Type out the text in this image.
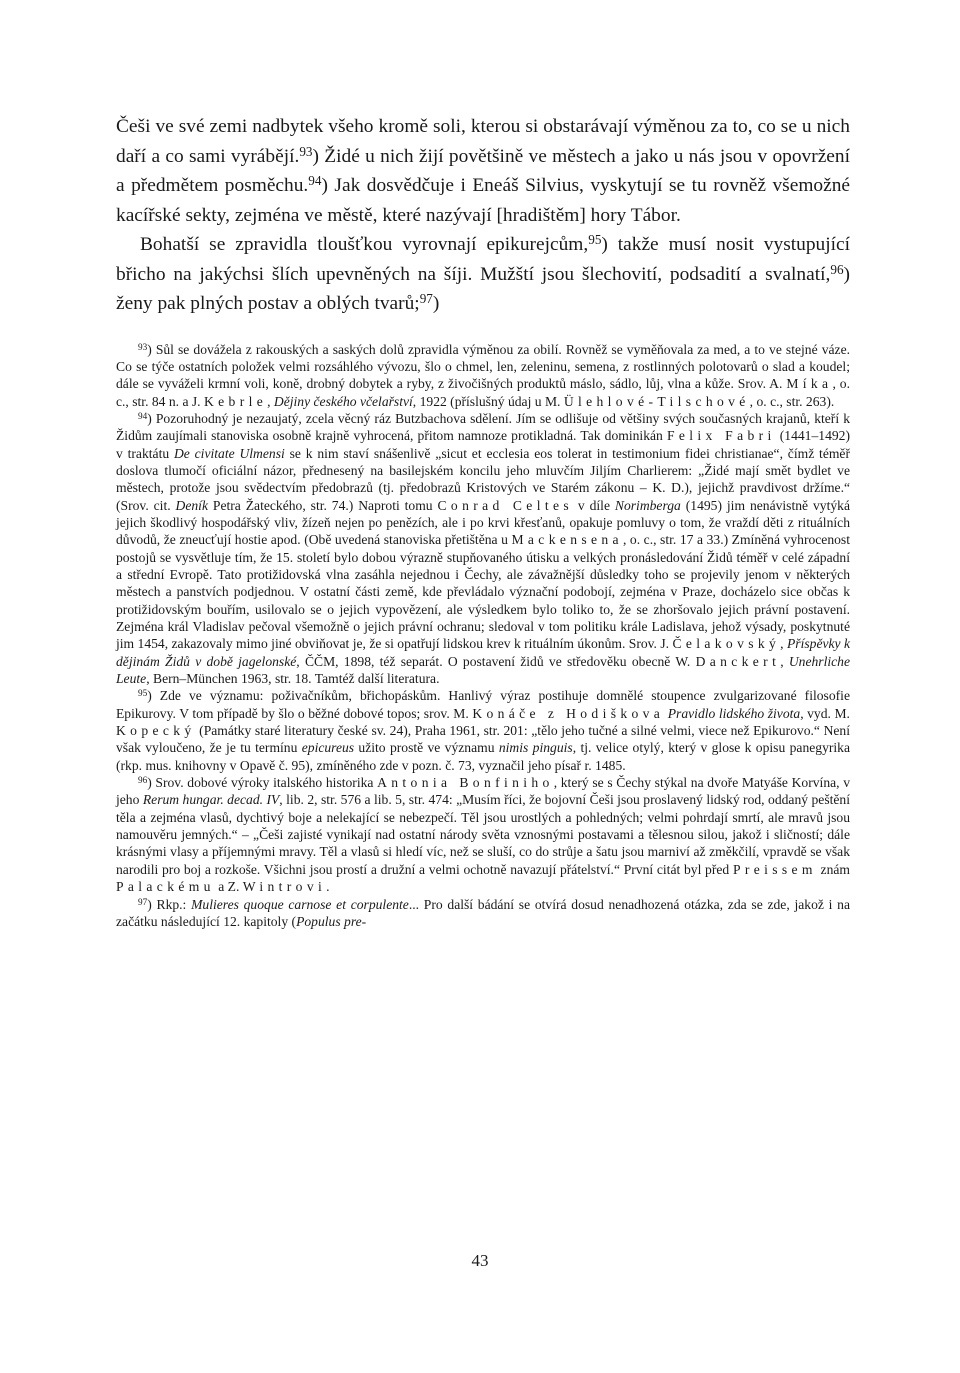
Češi ve své zemi nadbytek všeho kromě soli, kterou si obstarávají výměnou za to, co se u nich daří a co sami vyrábějí.$^{93}$) Židé u nich žijí povětšině ve městech a jako u nás jsou v opovržení a předmětem posměchu.$^{94}$) Jak dosvědčuje i Eneáš Silvius, vyskytují se tu rovněž všemožné kacířské sekty, zejména ve městě, které nazývají [hradištěm] hory Tábor.

Bohatší se zpravidla tloušťkou vyrovnají epikurejcům,$^{95}$) takže musí nosit vystupující břicho na jakýchsi šlích upevněných na šíji. Mužští jsou šlechovití, podsadití a svalnatí,$^{96}$) ženy pak plných postav a oblých tvarů;$^{97}$)

$^{93}$) Sůl se dovážela z rakouských a saských dolů zpravidla výměnou za obilí. Rovněž se vyměňovala za med, a to ve stejné váze. Co se týče ostatních položek velmi rozsáhlého vývozu, šlo o chmel, len, zeleninu, semena, z rostlinných polotovarů o slad a koudel; dále se vyváželi krmní voli, koně, drobný dobytek a ryby, z živočišných produktů máslo, sádlo, lůj, vlna a kůže. Srov. A. Míka, o. c., str. 84 n. a J. Kebrle, Dějiny českého včelařství, 1922 (příslušný údaj u M. Ülehlové-Tilschové, o. c., str. 263).

$^{94}$) Pozoruhodný je nezaujatý, zcela věcný ráz Butzbachova sdělení. Jím se odlišuje od většiny svých současných krajanů, kteří k Židům zaujímali stanoviska osobně krajně vyhrocená, přitom namnoze protikladná. Tak dominikán Felix Fabri (1441–1492) v traktátu De civitate Ulmensi se k nim staví snášenlivě „sicut et ecclesia eos tolerat in testimonium fidei christianae“, čímž téměř doslova tlumočí oficiální názor, přednesený na basilejském koncilu jeho mluvčím Jiljím Charlierem: „Židé mají smět bydlet ve městech, protože jsou svědectvím předobrazů (tj. předobrazů Kristových ve Starém zákonu – K. D.), jejichž pravdivost držíme.“ (Srov. cit. Deník Petra Žateckého, str. 74.) Naproti tomu Conrad Celtes v díle Norimberga (1495) jim nenávistně vytýká jejich škodlivý hospodářský vliv, žízeň nejen po penězích, ale i po krvi křesťanů, opakuje pomluvy o tom, že vraždí děti z rituálních důvodů, že zneucťují hostie apod. (Obě uvedená stanoviska přetištěna u Mackensena, o. c., str. 17 a 33.) Zmíněná vyhrocenost postojů se vysvětluje tím, že 15. století bylo dobou výrazně stupňovaného útisku a velkých pronásledování Židů téměř v celé západní a střední Evropě. Tato protižidovská vlna zasáhla nejednou i Čechy, ale závažnější důsledky toho se projevily jenom v některých městech a panstvích podjednou. V ostatní části země, kde převládalo význační podobojí, zejména v Praze, docházelo sice občas k protižidovským bouřím, usilovalo se o jejich vypovězení, ale výsledkem bylo toliko to, že se zhoršovalo jejich právní postavení. Zejména král Vladislav pečoval všemožně o jejich právní ochranu; sledoval v tom politiku krále Ladislava, jehož výsady, poskytnuté jim 1454, zakazovaly mimo jiné obviňovat je, že si opatřují lidskou krev k rituálním úkonům. Srov. J. Čelakovský, Příspěvky k dějinám Židů v době jagelonské, ČČM, 1898, též separát. O postavení židů ve středověku obecně W. Danckert, Unehrliche Leute, Bern–München 1963, str. 18. Tamtéž další literatura.

$^{95}$) Zde ve významu: poživačníkům, břichopáskům. Hanlivý výraz postihuje domnělé stoupence zvulgarizované filosofie Epikurovy. V tom případě by šlo o běžné dobové topos; srov. M. Konáče z Hodiškova Pravidlo lidského života, vyd. M. Kopecký (Památky staré literatury české sv. 24), Praha 1961, str. 201: „tělo jeho tučné a silné velmi, viece než Epikurovo.“ Není však vyloučeno, že je tu termínu epicureus užito prostě ve významu nimis pinguis, tj. velice otylý, který v glose k opisu panegyrika (rkp. mus. knihovny v Opavě č. 95), zmíněného zde v pozn. č. 73, vyznačil jeho písař r. 1485.

$^{96}$) Srov. dobové výroky italského historika Antonia Bonfiniho, který se s Čechy stýkal na dvoře Matyáše Korvína, v jeho Rerum hungar. decad. IV, lib. 2, str. 576 a lib. 5, str. 474: „Musím říci, že bojovní Češi jsou proslavený lidský rod, oddaný peštění těla a zejména vlasů, dychtivý boje a nelekající se nebezpečí. Těl jsou urostlých a pohledných; velmi pohrdají smrtí, ale mravů jsou namouvěru jemných.“ – „Češi zajisté vynikají nad ostatní národy světa vznosnými postavami a tělesnou silou, jakož i sličností; dále krásnými vlasy a příjemnými mravy. Těl a vlasů si hledí víc, než se sluší, co do strůje a šatu jsou marniví až změkčilí, vpravdě se však narodili pro boj a rozkoše. Všichni jsou prostí a družní a velmi ochotně navazují přátelství.“ První citát byl před Preissem znám Palackému a Z. Wintrovi.

$^{97}$) Rkp.: Mulieres quoque carnose et corpulente... Pro další bádání se otvírá dosud nenadhozená otázka, zda se zde, jakož i na začátku následující 12. kapitoly (Populus pre-

43
